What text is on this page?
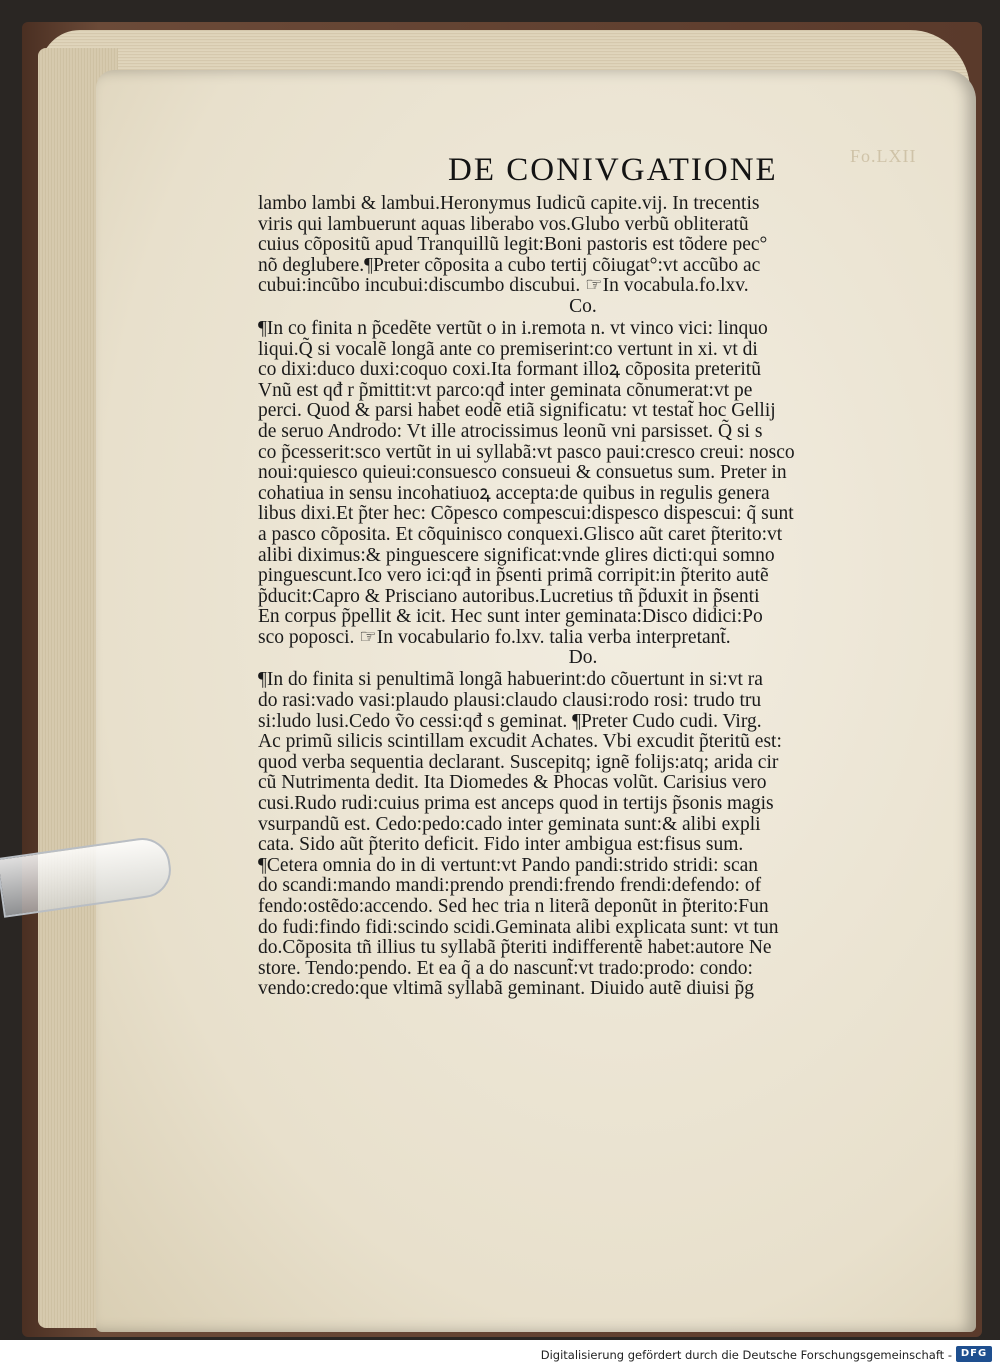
Fo.LXII
DE CONIVGATIONE
lambo lambi & lambui.Heronymus Iudicũ capite.vij. In trecentis
viris qui lambuerunt aquas liberabo vos.Glubo verbũ obliteratũ
cuius cõpositũ apud Tranquillũ legit:Boni pastoris est tõdere pec°
nõ deglubere.¶Preter cõposita a cubo tertij cõiugat°:vt accũbo ac
cubui:incũbo incubui:discumbo discubui. ☞In vocabula.fo.lxv.
Co.
¶In co finita n p̃cedẽte vertũt o in i.remota n. vt vinco vici: linquo
liqui.Q̃ si vocalẽ longã ante co premiserint:co vertunt in xi. vt di
co dixi:duco duxi:coquo coxi.Ita formant illoꝝ cõposita preteritũ
Vnũ est qđ r p̃mittit:vt parco:qđ inter geminata cõnumerat:vt pe
perci. Quod & parsi habet eodẽ etiã significatu: vt testat̃ hoc Gellij
de seruo Androdo: Vt ille atrocissimus leonũ vni parsisset. Q̃ si s
co p̃cesserit:sco vertũt in ui syllabã:vt pasco paui:cresco creui: nosco
noui:quiesco quieui:consuesco consueui & consuetus sum. Preter in
cohatiua in sensu incohatiuoꝝ accepta:de quibus in regulis genera
libus dixi.Et p̃ter hec: Cõpesco compescui:dispesco dispescui: q̃ sunt
a pasco cõposita. Et cõquinisco conquexi.Glisco aũt caret p̃terito:vt
alibi diximus:& pinguescere significat:vnde glires dicti:qui somno
pinguescunt.Ico vero ici:qđ in p̃senti primã corripit:in p̃terito autẽ
p̃ducit:Capro & Prisciano autoribus.Lucretius tñ p̃duxit in p̃senti
En corpus p̃pellit & icit. Hec sunt inter geminata:Disco didici:Po
sco poposci. ☞In vocabulario fo.lxv. talia verba interpretant̃.
Do.
¶In do finita si penultimã longã habuerint:do cõuertunt in si:vt ra
do rasi:vado vasi:plaudo plausi:claudo clausi:rodo rosi: trudo tru
si:ludo lusi.Cedo ṽo cessi:qđ s geminat. ¶Preter Cudo cudi. Virg.
Ac primũ silicis scintillam excudit Achates. Vbi excudit p̃teritũ est:
quod verba sequentia declarant. Suscepitq; ignẽ folijs:atq; arida cir
cũ Nutrimenta dedit. Ita Diomedes & Phocas volũt. Carisius vero
cusi.Rudo rudi:cuius prima est anceps quod in tertijs p̃sonis magis
vsurpandũ est. Cedo:pedo:cado inter geminata sunt:& alibi expli
cata. Sido aũt p̃terito deficit. Fido inter ambigua est:fisus sum.
¶Cetera omnia do in di vertunt:vt Pando pandi:strido stridi: scan
do scandi:mando mandi:prendo prendi:frendo frendi:defendo: of
fendo:ostẽdo:accendo. Sed hec tria n literã deponũt in p̃terito:Fun
do fudi:findo fidi:scindo scidi.Geminata alibi explicata sunt: vt tun
do.Cõposita tñ illius tu syllabã p̃teriti indifferentẽ habet:autore Ne
store. Tendo:pendo. Et ea q̃ a do nascunt̃:vt trado:prodo: condo:
vendo:credo:que vltimã syllabã geminant. Diuido autẽ diuisi p̃g
Digitalisierung gefördert durch die Deutsche Forschungsgemeinschaft - DFG
